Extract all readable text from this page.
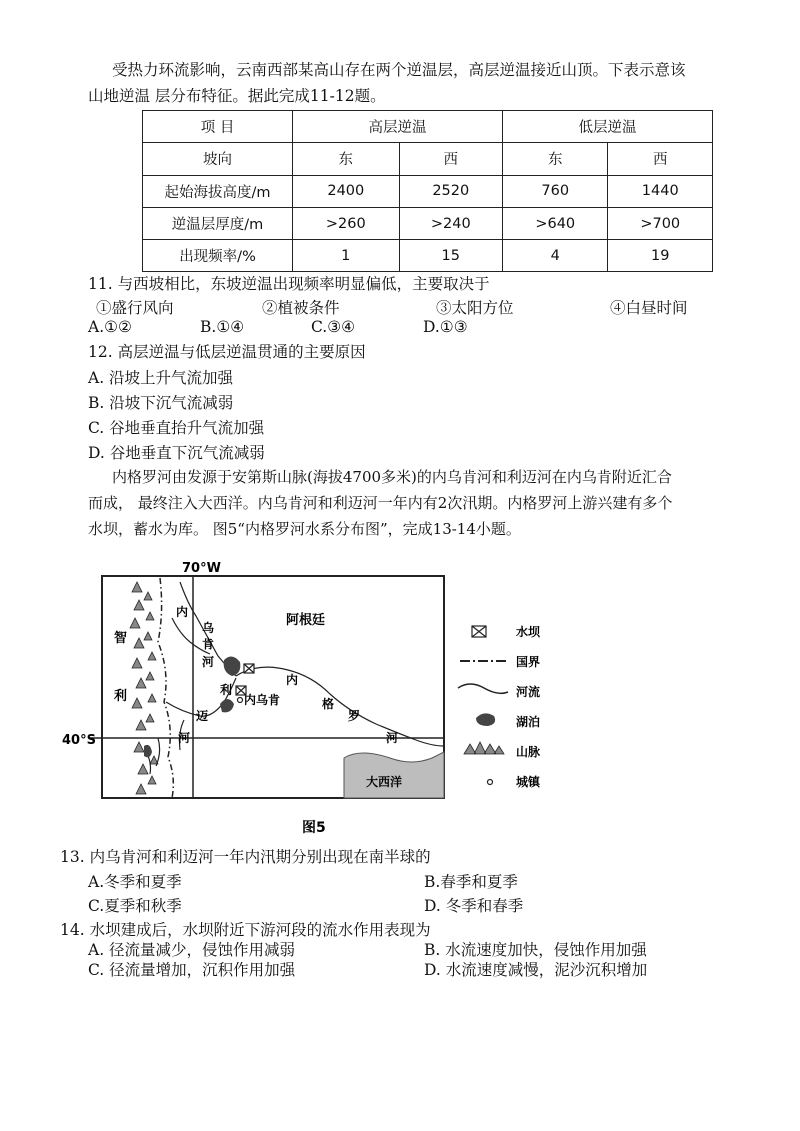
受热力环流影响，云南西部某高山存在两个逆温层，高层逆温接近山顶。下表示意该
山地逆温 层分布特征。据此完成11-12题。
项 目	高层逆温		低层逆温	
坡向	东	西	东	西
起始海拔高度/m	2400	2520	760	1440
逆温层厚度/m	>260	>240	>640	>700
出现频率/%	1	15	4	19
11. 与西坡相比，东坡逆温出现频率明显偏低，主要取决于
①盛行风向	②植被条件	③太阳方位	④白昼时间
A.①②	B.①④	C.③④	D.①③
12. 高层逆温与低层逆温贯通的主要原因
A. 沿坡上升气流加强
B. 沿坡下沉气流减弱
C. 谷地垂直抬升气流加强
D. 谷地垂直下沉气流减弱
内格罗河由发源于安第斯山脉(海拔4700多米)的内乌肯河和利迈河在内乌肯附近汇合
而成， 最终注入大西洋。内乌肯河和利迈河一年内有2次汛期。内格罗河上游兴建有多个
水坝，蓄水为库。 图5“内格罗河水系分布图”，完成13-14小题。
70°W
40°S
大西洋
内乌肯
阿根廷
智
利
内
乌
肯
河
利
迈
河
内
格
罗
河
水坝
国界
河流
湖泊
山脉
城镇
图5
13. 内乌肯河和利迈河一年内汛期分别出现在南半球的
A.冬季和夏季	B.春季和夏季
C.夏季和秋季	D. 冬季和春季
14. 水坝建成后，水坝附近下游河段的流水作用表现为
A. 径流量减少，侵蚀作用减弱	B. 水流速度加快，侵蚀作用加强
C. 径流量增加，沉积作用加强	D. 水流速度减慢，泥沙沉积增加
